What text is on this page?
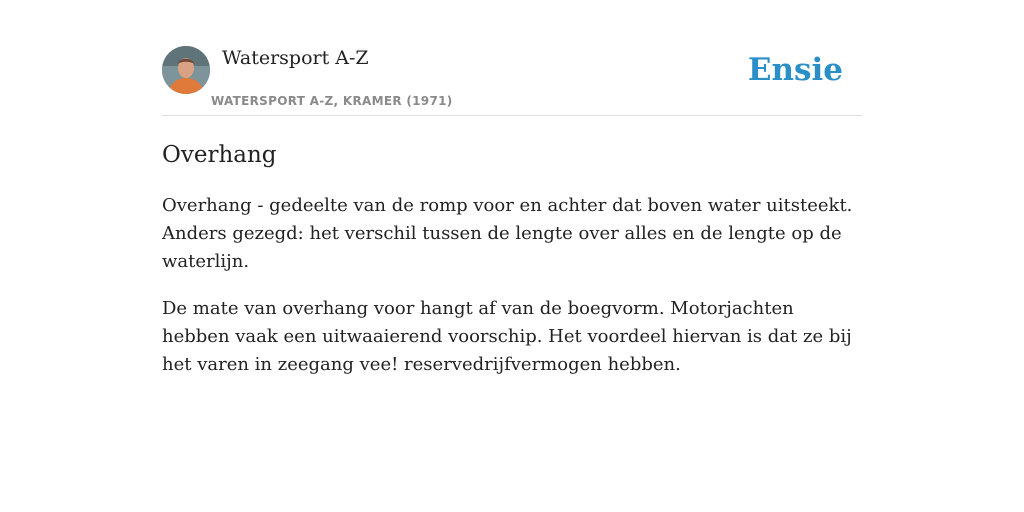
Watersport A-Z
WATERSPORT A-Z, KRAMER (1971)
Ensie
Overhang

Overhang - gedeelte van de romp voor en achter dat boven water uitsteekt. Anders gezegd: het verschil tussen de lengte over alles en de lengte op de waterlijn.

De mate van overhang voor hangt af van de boegvorm. Motorjachten hebben vaak een uitwaaierend voorschip. Het voordeel hiervan is dat ze bij het varen in zeegang vee! reservedrijfvermogen hebben.
